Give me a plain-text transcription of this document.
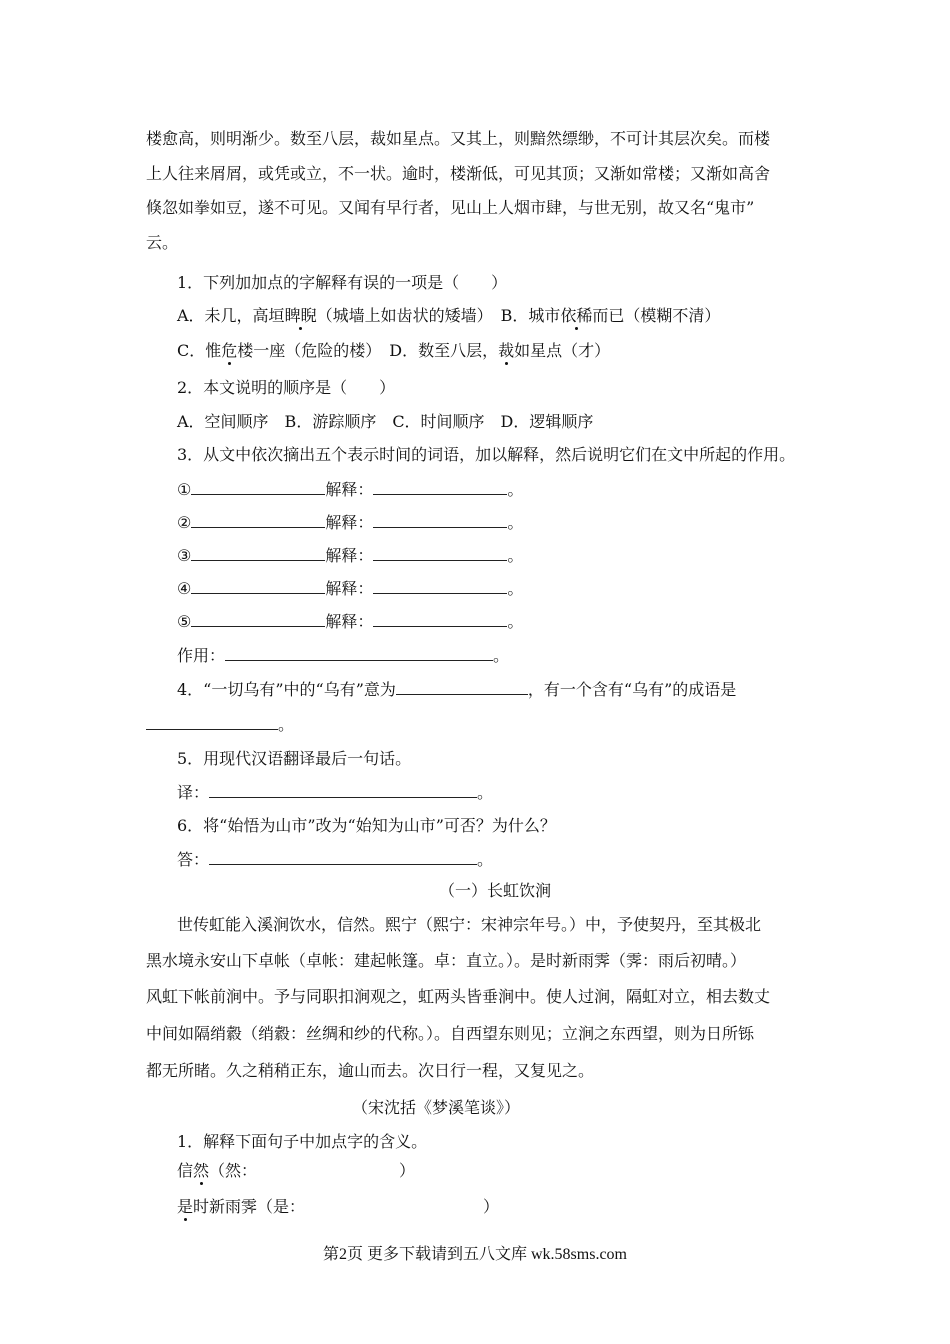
楼愈高，则明渐少。数至八层，裁如星点。又其上，则黯然缥缈，不可计其层次矣。而楼
上人往来屑屑，或凭或立，不一状。逾时，楼渐低，可见其顶；又渐如常楼；又渐如高舍
倏忽如拳如豆，遂不可见。又闻有早行者，见山上人烟市肆，与世无别，故又名“鬼市”
云。
1．下列加加点的字解释有误的一项是（　　）
A．未几，高垣睥睨（城墙上如齿状的矮墙）　B．城市依稀而已（模糊不清）
C．惟危楼一座（危险的楼）　D．数至八层，裁如星点（才）
2．本文说明的顺序是（　　）
A．空间顺序　B．游踪顺序　C．时间顺序　D．逻辑顺序
3．从文中依次摘出五个表示时间的词语，加以解释，然后说明它们在文中所起的作用。
①	解释：	。
②	解释：	。
③	解释：	。
④	解释：	。
⑤	解释：	。
作用：	。
4．“一切乌有”中的“乌有”意为	，有一个含有“乌有”的成语是
。
5．用现代汉语翻译最后一句话。
译：	。
6．将“始悟为山市”改为“始知为山市”可否？为什么？
答：	。
（一）长虹饮涧
世传虹能入溪涧饮水，信然。熙宁（熙宁：宋神宗年号。）中，予使契丹，至其极北
黑水境永安山下卓帐（卓帐：建起帐篷。卓：直立。）。是时新雨霁（霁：雨后初晴。）
风虹下帐前涧中。予与同职扣涧观之，虹两头皆垂涧中。使人过涧，隔虹对立，相去数丈
中间如隔绡縠（绡縠：丝绸和纱的代称。）。自西望东则见；立涧之东西望，则为日所铄
都无所睹。久之稍稍正东，逾山而去。次日行一程，又复见之。
（宋沈括《梦溪笔谈》）
1．解释下面句子中加点字的含义。
信然（然：	）
是时新雨霁（是：	）
第2页 更多下载请到五八文库 wk.58sms.com
